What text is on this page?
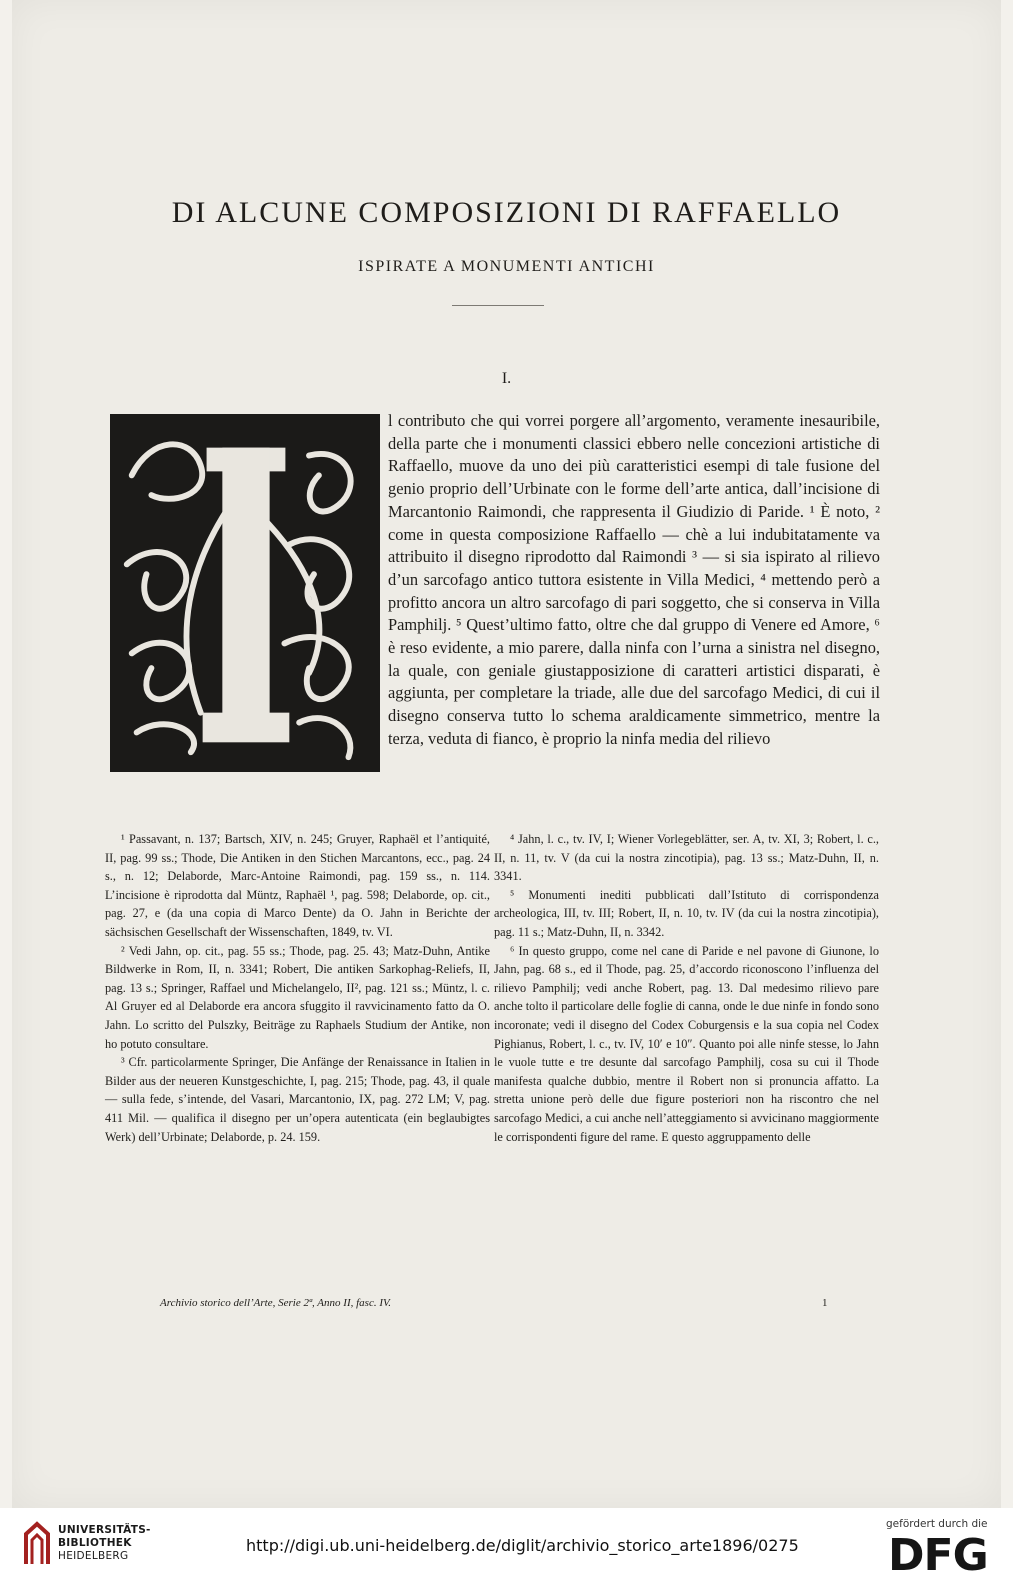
DI ALCUNE COMPOSIZIONI DI RAFFAELLO
ISPIRATE A MONUMENTI ANTICHI
I.
l contributo che qui vorrei porgere all’argomento, veramente inesauribile, della parte che i monumenti classici ebbero nelle concezioni artistiche di Raffaello, muove da uno dei più caratteristici esempi di tale fusione del genio proprio dell’Urbinate con le forme dell’arte antica, dall’incisione di Marcantonio Raimondi, che rappresenta il Giudizio di Paride. ¹ È noto, ² come in questa composizione Raffaello — chè a lui indubitatamente va attribuito il disegno riprodotto dal Raimondi ³ — si sia ispirato al rilievo d’un sarcofago antico tuttora esistente in Villa Medici, ⁴ mettendo però a profitto ancora un altro sarcofago di pari soggetto, che si conserva in Villa Pamphilj. ⁵ Quest’ultimo fatto, oltre che dal gruppo di Venere ed Amore, ⁶ è reso evidente, a mio parere, dalla ninfa con l’urna a sinistra nel disegno, la quale, con geniale giustapposizione di caratteri artistici disparati, è aggiunta, per completare la triade, alle due del sarcofago Medici, di cui il disegno conserva tutto lo schema araldicamente simmetrico, mentre la terza, veduta di fianco, è proprio la ninfa media del rilievo

¹ Passavant, n. 137; Bartsch, XIV, n. 245; Gruyer, Raphaël et l’antiquité, II, pag. 99 ss.; Thode, Die Antiken in den Stichen Marcantons, ecc., pag. 24 s., n. 12; Delaborde, Marc-Antoine Raimondi, pag. 159 ss., n. 114. L’incisione è riprodotta dal Müntz, Raphaël ¹, pag. 598; Delaborde, op. cit., pag. 27, e (da una copia di Marco Dente) da O. Jahn in Berichte der sächsischen Gesellschaft der Wissenschaften, 1849, tv. VI.

² Vedi Jahn, op. cit., pag. 55 ss.; Thode, pag. 25. 43; Matz-Duhn, Antike Bildwerke in Rom, II, n. 3341; Robert, Die antiken Sarkophag-Reliefs, II, pag. 13 s.; Springer, Raffael und Michelangelo, II², pag. 121 ss.; Müntz, l. c. Al Gruyer ed al Delaborde era ancora sfuggito il ravvicinamento fatto da O. Jahn. Lo scritto del Pulszky, Beiträge zu Raphaels Studium der Antike, non ho potuto consultare.

³ Cfr. particolarmente Springer, Die Anfänge der Renaissance in Italien in Bilder aus der neueren Kunstgeschichte, I, pag. 215; Thode, pag. 43, il quale — sulla fede, s’intende, del Vasari, Marcantonio, IX, pag. 272 LM; V, pag. 411 Mil. — qualifica il disegno per un’opera autenticata (ein beglaubigtes Werk) dell’Urbinate; Delaborde, p. 24. 159.

⁴ Jahn, l. c., tv. IV, I; Wiener Vorlegeblätter, ser. A, tv. XI, 3; Robert, l. c., II, n. 11, tv. V (da cui la nostra zincotipia), pag. 13 ss.; Matz-Duhn, II, n. 3341.

⁵ Monumenti inediti pubblicati dall’Istituto di corrispondenza archeologica, III, tv. III; Robert, II, n. 10, tv. IV (da cui la nostra zincotipia), pag. 11 s.; Matz-Duhn, II, n. 3342.

⁶ In questo gruppo, come nel cane di Paride e nel pavone di Giunone, lo Jahn, pag. 68 s., ed il Thode, pag. 25, d’accordo riconoscono l’influenza del rilievo Pamphilj; vedi anche Robert, pag. 13. Dal medesimo rilievo pare anche tolto il particolare delle foglie di canna, onde le due ninfe in fondo sono incoronate; vedi il disegno del Codex Coburgensis e la sua copia nel Codex Pighianus, Robert, l. c., tv. IV, 10′ e 10″. Quanto poi alle ninfe stesse, lo Jahn le vuole tutte e tre desunte dal sarcofago Pamphilj, cosa su cui il Thode manifesta qualche dubbio, mentre il Robert non si pronuncia affatto. La stretta unione però delle due figure posteriori non ha riscontro che nel sarcofago Medici, a cui anche nell’atteggiamento si avvicinano maggiormente le corrispondenti figure del rame. E questo aggruppamento delle

Archivio storico dell’Arte, Serie 2ª, Anno II, fasc. IV.	1
UNIVERSITÄTS-
BIBLIOTHEK
HEIDELBERG
http://digi.ub.uni-heidelberg.de/diglit/archivio_storico_arte1896/0275
gefördert durch die
DFG
